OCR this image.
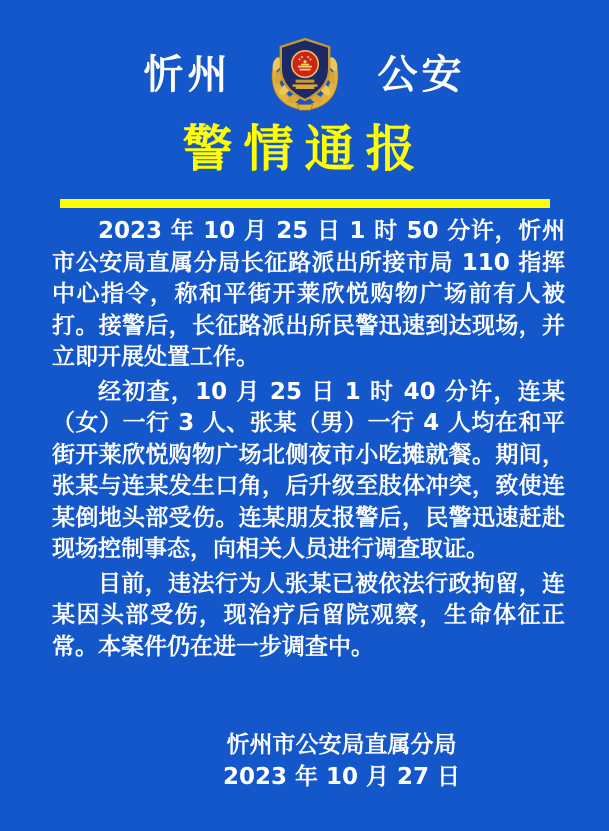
忻州	公安
警情通报

2023 年 10 月 25 日 1 时 50 分许，忻州市公安局直属分局长征路派出所接市局 110 指挥中心指令，称和平街开莱欣悦购物广场前有人被打。接警后，长征路派出所民警迅速到达现场，并立即开展处置工作。

经初查，10 月 25 日 1 时 40 分许，连某（女）一行 3 人、张某（男）一行 4 人均在和平街开莱欣悦购物广场北侧夜市小吃摊就餐。期间，张某与连某发生口角，后升级至肢体冲突，致使连某倒地头部受伤。连某朋友报警后，民警迅速赶赴现场控制事态，向相关人员进行调查取证。

目前，违法行为人张某已被依法行政拘留，连某因头部受伤，现治疗后留院观察，生命体征正常。本案件仍在进一步调查中。

忻州市公安局直属分局
2023 年 10 月 27 日
